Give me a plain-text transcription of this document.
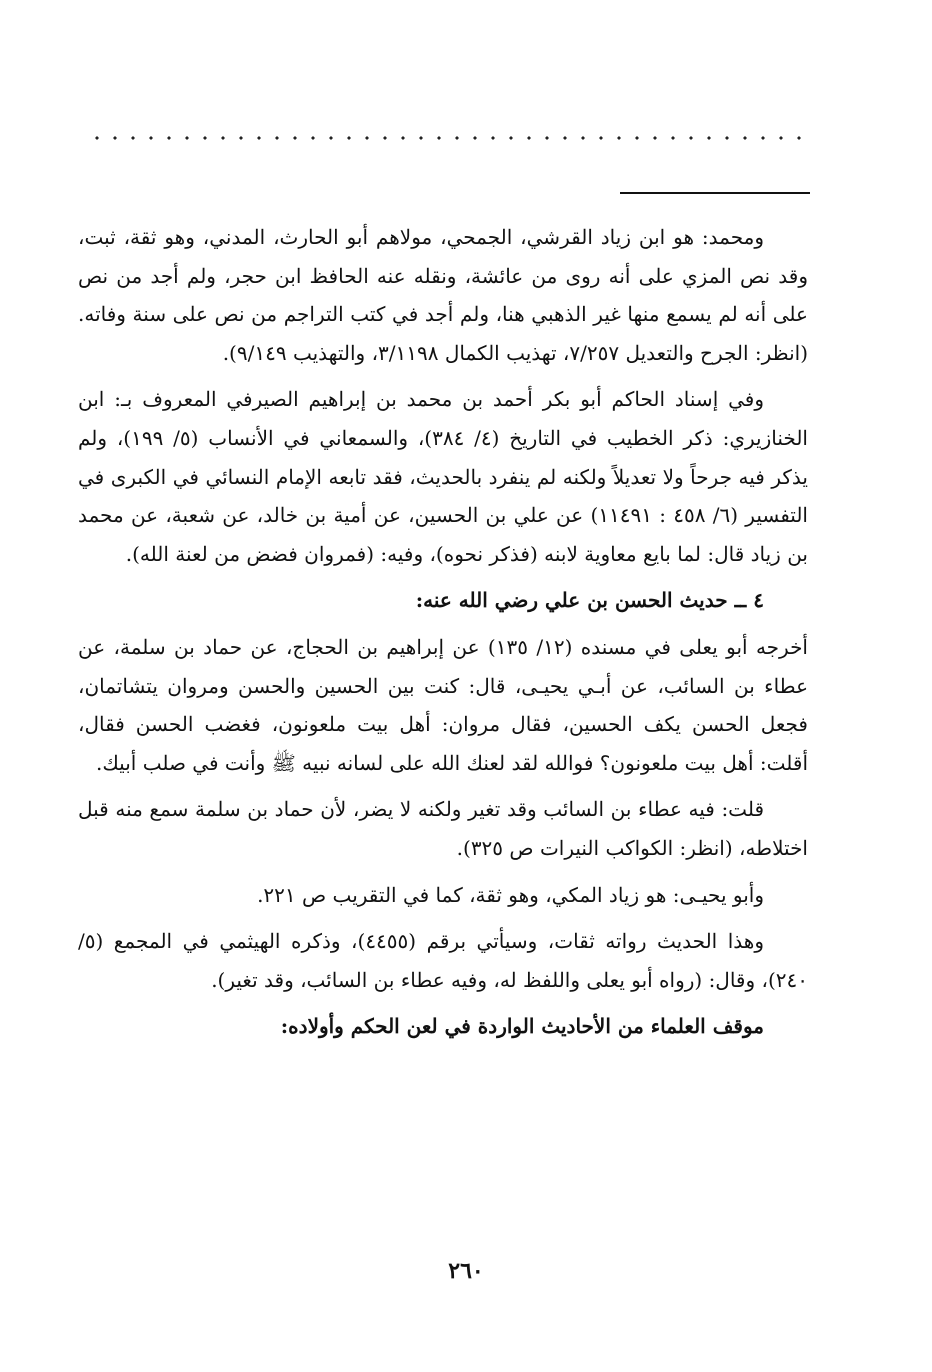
ومحمد: هو ابن زياد القرشي، الجمحي، مولاهم أبو الحارث، المدني، وهو ثقة، ثبت، وقد نص المزي على أنه روى من عائشة، ونقله عنه الحافظ ابن حجر، ولم أجد من نص على أنه لم يسمع منها غير الذهبي هنا، ولم أجد في كتب التراجم من نص على سنة وفاته. (انظر: الجرح والتعديل ٧/٢٥٧، تهذيب الكمال ٣/١١٩٨، والتهذيب ٩/١٤٩).

وفي إسناد الحاكم أبو بكر أحمد بن محمد بن إبراهيم الصيرفي المعروف بـ: ابن الخنازيري: ذكر الخطيب في التاريخ (٤/ ٣٨٤)، والسمعاني في الأنساب (٥/ ١٩٩)، ولم يذكر فيه جرحاً ولا تعديلاً ولكنه لم ينفرد بالحديث، فقد تابعه الإمام النسائي في الكبرى في التفسير (٦/ ٤٥٨ : ١١٤٩١) عن علي بن الحسين، عن أمية بن خالد، عن شعبة، عن محمد بن زياد قال: لما بايع معاوية لابنه (فذكر نحوه)، وفيه: (فمروان فضض من لعنة الله).

٤ ــ حديث الحسن بن علي رضي الله عنه:

أخرجه أبو يعلى في مسنده (١٢/ ١٣٥) عن إبراهيم بن الحجاج، عن حماد بن سلمة، عن عطاء بن السائب، عن أبـي يحيـى، قال: كنت بين الحسين والحسن ومروان يتشاتمان، فجعل الحسن يكف الحسين، فقال مروان: أهل بيت ملعونون، فغضب الحسن فقال، أقلت: أهل بيت ملعونون؟ فوالله لقد لعنك الله على لسانه نبيه ﷺ وأنت في صلب أبيك.

قلت: فيه عطاء بن السائب وقد تغير ولكنه لا يضر، لأن حماد بن سلمة سمع منه قبل اختلاطه، (انظر: الكواكب النيرات ص ٣٢٥).

وأبو يحيـى: هو زياد المكي، وهو ثقة، كما في التقريب ص ٢٢١.

وهذا الحديث رواته ثقات، وسيأتي برقم (٤٤٥٥)، وذكره الهيثمي في المجمع (٥/ ٢٤٠)، وقال: (رواه أبو يعلى واللفظ له، وفيه عطاء بن السائب، وقد تغير).

موقف العلماء من الأحاديث الواردة في لعن الحكم وأولاده:

٢٦٠
